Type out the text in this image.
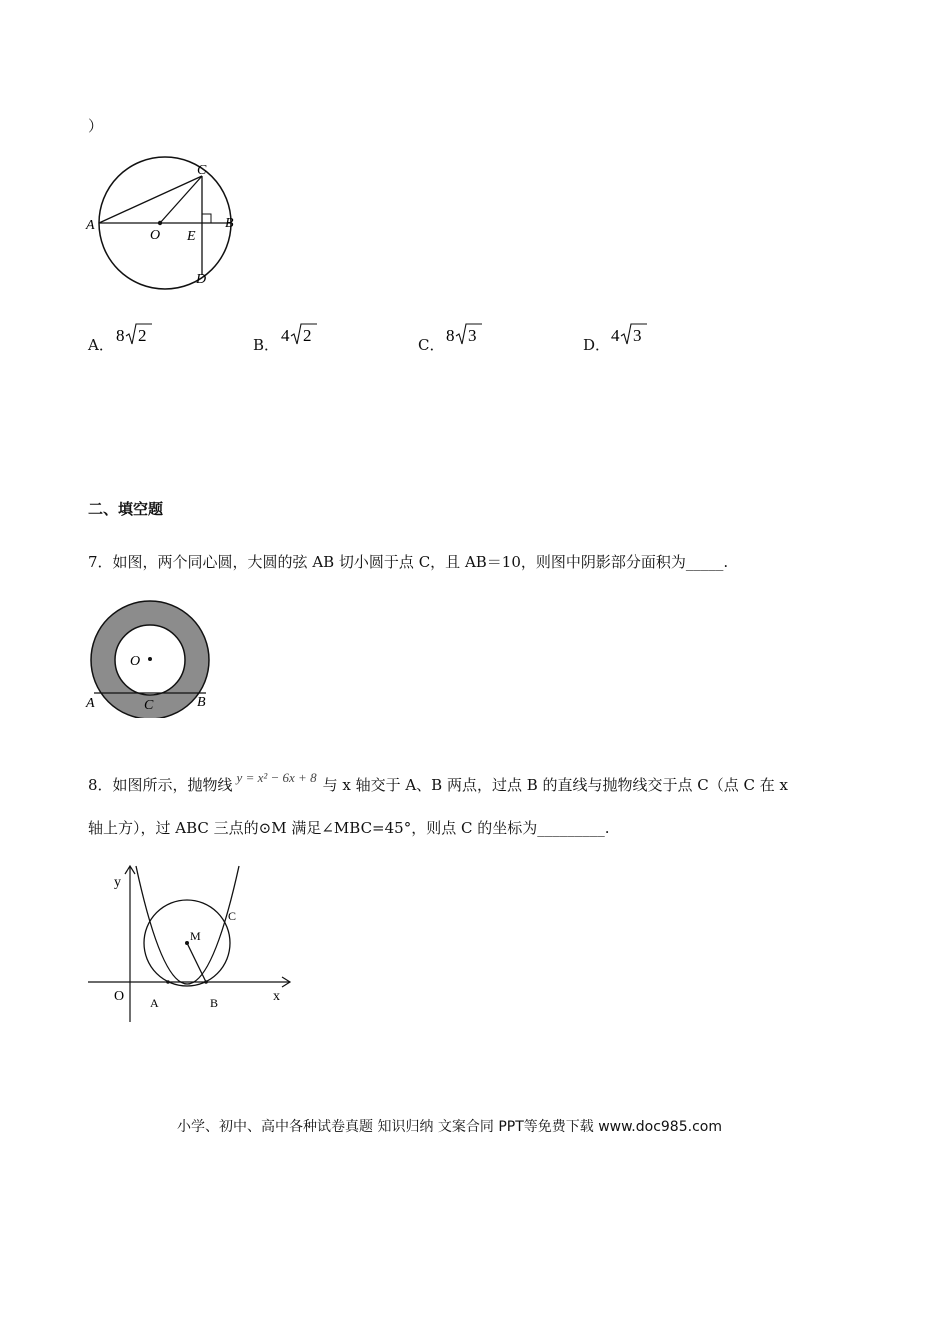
）
A	B
C
D
O E
A． 8 2	B． 4 2	C． 8 3	D． 4 3
二、填空题
7．如图，两个同心圆，大圆的弦 AB 切小圆于点 C，且 AB＝10，则图中阴影部分面积为_____.
O
A	B
C
8．如图所示，抛物线 y = x² − 6x + 8 与 x 轴交于 A、B 两点，过点 B 的直线与抛物线交于点 C（点 C 在 x
轴上方），过 ABC 三点的⊙M 满足∠MBC=45°，则点 C 的坐标为_________.
y
x
O A	B
C
M
小学、初中、高中各种试卷真题 知识归纳 文案合同 PPT等免费下载 www.doc985.com
